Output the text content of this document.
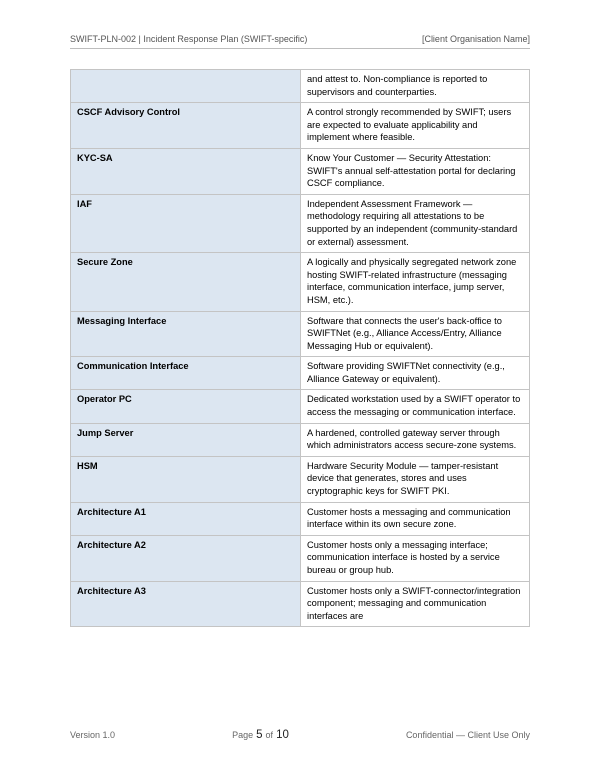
SWIFT-PLN-002 | Incident Response Plan (SWIFT-specific)	[Client Organisation Name]
	and attest to. Non-compliance is reported to supervisors and counterparties.
CSCF Advisory Control	A control strongly recommended by SWIFT; users are expected to evaluate applicability and implement where feasible.
KYC-SA	Know Your Customer — Security Attestation: SWIFT's annual self-attestation portal for declaring CSCF compliance.
IAF	Independent Assessment Framework — methodology requiring all attestations to be supported by an independent (community-standard or external) assessment.
Secure Zone	A logically and physically segregated network zone hosting SWIFT-related infrastructure (messaging interface, communication interface, jump server, HSM, etc.).
Messaging Interface	Software that connects the user's back-office to SWIFTNet (e.g., Alliance Access/Entry, Alliance Messaging Hub or equivalent).
Communication Interface	Software providing SWIFTNet connectivity (e.g., Alliance Gateway or equivalent).
Operator PC	Dedicated workstation used by a SWIFT operator to access the messaging or communication interface.
Jump Server	A hardened, controlled gateway server through which administrators access secure-zone systems.
HSM	Hardware Security Module — tamper-resistant device that generates, stores and uses cryptographic keys for SWIFT PKI.
Architecture A1	Customer hosts a messaging and communication interface within its own secure zone.
Architecture A2	Customer hosts only a messaging interface; communication interface is hosted by a service bureau or group hub.
Architecture A3	Customer hosts only a SWIFT-connector/integration component; messaging and communication interfaces are
Version 1.0	Page 5 of 10	Confidential — Client Use Only
